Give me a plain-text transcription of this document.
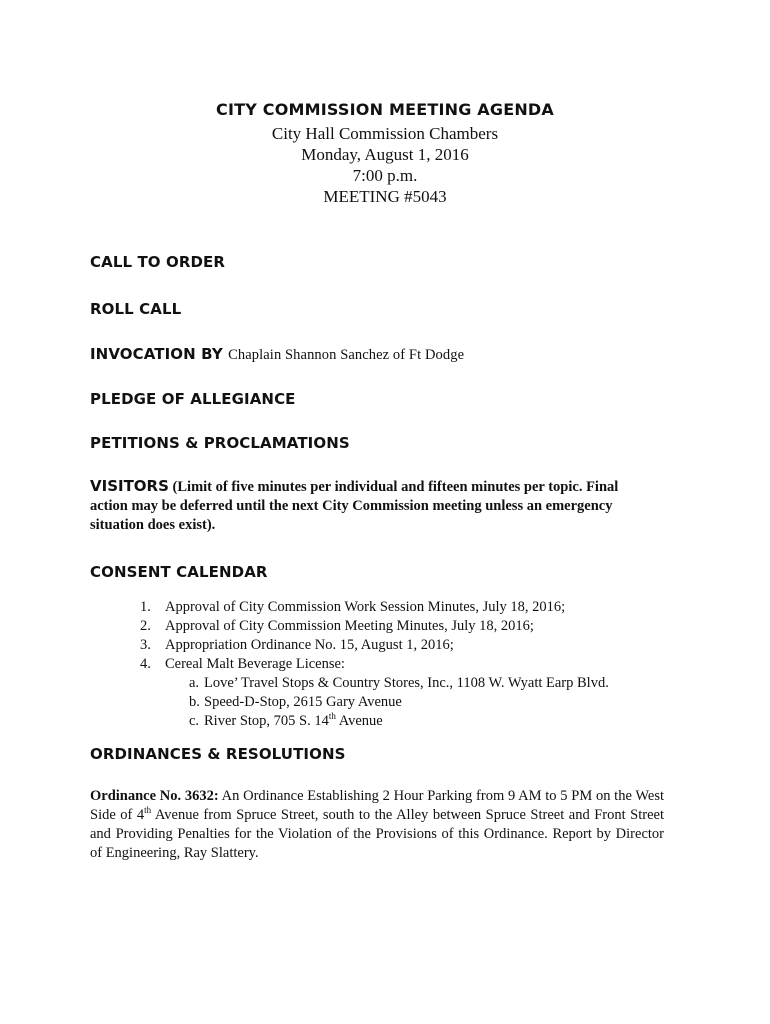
CITY COMMISSION MEETING AGENDA
City Hall Commission Chambers
Monday, August 1, 2016
7:00 p.m.
MEETING #5043
CALL TO ORDER
ROLL CALL
INVOCATION BY Chaplain Shannon Sanchez of Ft Dodge
PLEDGE OF ALLEGIANCE
PETITIONS & PROCLAMATIONS
VISITORS (Limit of five minutes per individual and fifteen minutes per topic. Final action may be deferred until the next City Commission meeting unless an emergency situation does exist).
CONSENT CALENDAR
1. Approval of City Commission Work Session Minutes, July 18, 2016;
2. Approval of City Commission Meeting Minutes, July 18, 2016;
3. Appropriation Ordinance No. 15, August 1, 2016;
4. Cereal Malt Beverage License:
a. Love’ Travel Stops & Country Stores, Inc., 1108 W. Wyatt Earp Blvd.
b. Speed-D-Stop, 2615 Gary Avenue
c. River Stop, 705 S. 14th Avenue
ORDINANCES & RESOLUTIONS
Ordinance No. 3632: An Ordinance Establishing 2 Hour Parking from 9 AM to 5 PM on the West Side of 4th Avenue from Spruce Street, south to the Alley between Spruce Street and Front Street and Providing Penalties for the Violation of the Provisions of this Ordinance. Report by Director of Engineering, Ray Slattery.
